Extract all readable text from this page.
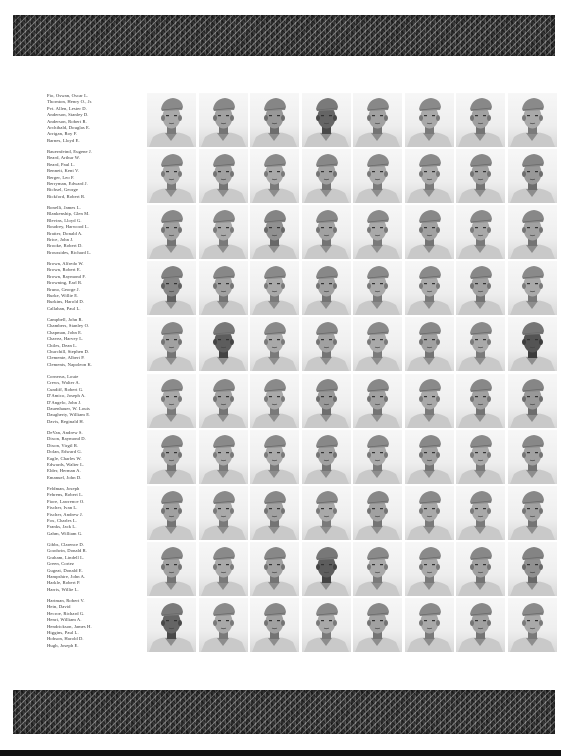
Fio, Oswan, Oscar L.
Thornton, Henry O., Jr.
Pvt. Allen, Lester D.
Anderson, Stanley D.
Anderson, Robert R.
Archibald, Douglas E.
Arrigan, Roy F.
Barnes, Lloyd E.
Bauernfeind, Eugene J.
Beard, Arthur W.
Beard, Paul L.
Bennett, Kent V.
Berger, Leo F.
Berryman, Edward J.
Bichsel, George
Bickford, Robert R.
Bonelli, James L.
Blankenship, Glen M.
Blevins, Lloyd G.
Boudrey, Harwood L.
Bratter, Donald A.
Brice, John J.
Brooke, Robert D.
Broussides, Richard L.
Brown, Alfredo W.
Brown, Robert E.
Brown, Raymond F.
Browning, Earl R.
Bruno, George J.
Burke, Willie E.
Burkins, Harold D.
Callahan, Paul L.
Campbell, John R.
Chambers, Stanley O.
Chapman, John E.
Chavez, Harvey L.
Chiles, Dean L.
Churchill, Stephen D.
Clemente, Albert P.
Clements, Napoleon K.
Cornerus, Louie
Crews, Walter A.
Cundiff, Robert G.
D'Amico, Joseph A.
D'Angelo, John J.
Dauenhauer, W. Louis
Daugherty, William E.
Davis, Reginald H.
DeVan, Andrew S.
Dixon, Raymond D.
Dixon, Virgil R.
Dolan, Edward G.
Eagle, Charles W.
Edwards, Walter L.
Elder, Herman A.
Emanuel, John D.
Feldman, Joseph
Fehrens, Robert L.
Fiore, Lawrence O.
Fischer, Ivan L.
Fischer, Andrew J.
Fox, Charles L.
Franks, Jack L.
Gahm, William G.
Gibbs, Clarence D.
Goodwin, Donald R.
Graham, Lindell L.
Green, Cortez
Gugeat, Donald E.
Hampshire, John A.
Harkle, Robert P.
Harris, Willie L.
Hartman, Robert V.
Hein, David
Hecroe, Richard G.
Henri, William A.
Hendrickson, James H.
Higgins, Paul L.
Hobson, Harold D.
Hugh, Joseph E.
